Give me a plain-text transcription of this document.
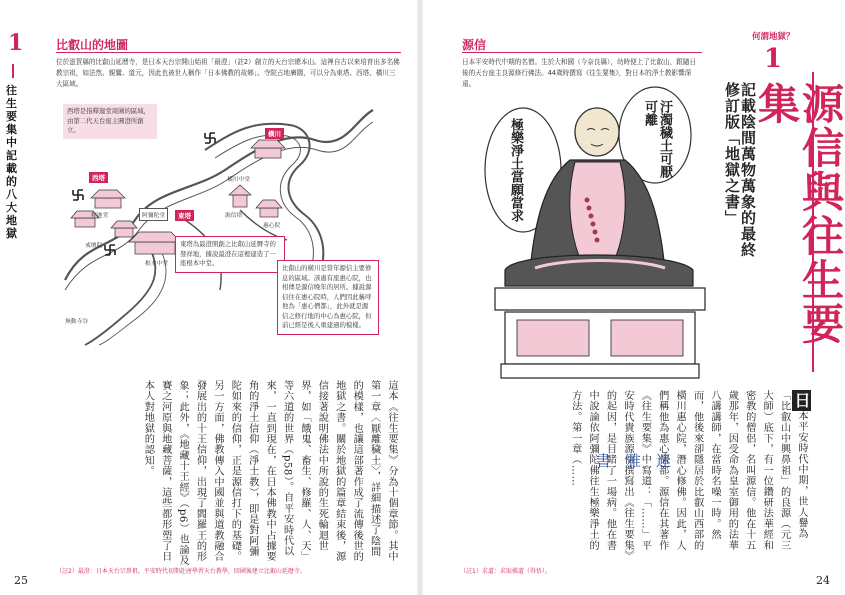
1
往生要集中記載的八大地獄
比叡山的地圖
位於滋賀縣的比叡山延曆寺，是日本天台宗開山始祖「最澄」（註2）創立的天台宗總本山。這裡自古以來培育出多名佛教宗祖，如法然、親鸞、道元，因此也被世人稱作「日本佛教的故鄉」。寺院占地廣闊，可以分為東塔、西塔、橫川三大區域。
西塔是指釋迦堂周圍的區域，由第二代天台座主圓澄所創立。
西塔
釋迦堂	阿彌陀堂
戒壇院
根本中堂
東塔
東塔為最澄開創之比叡山延曆寺的發祥地，據說最澄在這裡建造了一座根本中堂。
橫川
橫川中堂
源信塔
惠心院
無動寺谷
比叡山的橫川是當年源信主要修息的區域。該處有座惠心院，也相傳是源信晚年的居所。據說源信住在惠心院時，人們因此稱呼他為「惠心僧都」，此外就是源信之修行地的中心為惠心院，但前已經是後人重建過的模樣。
這本《往生要集》分為十個章節。其中第一章〈厭離穢土〉，詳細描述了陰間的模樣，也讓這部著作成了流傳後世的地獄之書。關於地獄的篇章結束後，源信接著說明佛法中所說的生死輪迴世界，如「餓鬼、畜生、修羅、人、天」等六道的世界（p58）。自平安時代以來，一直到現在，在日本佛教中占據要角的淨土信仰（淨土教），即是對阿彌陀如來的信仰，正是源信打下的基礎。另一方面，佛教傳入中國並與道教融合發展出的十王信仰，出現了閻羅王的形象；此外，《地藏十王經》（p6）也論及賽之河原與地藏菩薩，這些都形塑了日本人對地獄的認知。
（註2）最澄：日本天台宗鼻祖。平安時代初期赴唐學習天台教學，回國後建立比叡山延曆寺。
25
源信
日本平安時代中期的名僧。生於大和國（今奈良縣），幼時便上了比叡山，跟隨日後的天台座主良源修行佛法。44歲時撰寫《往生要集》，對日本的淨土教影響深遠。
極樂淨土當願當求	汙濁穢土可厭可離
何謂地獄？
1
源信與往生要集
記載陰間萬物萬象的最終修訂版「地獄之書」
日本平安時代中期，世人譽為「比叡山中興鼻祖」的良源（元三大師）底下，有一位鑽研法華經和密教的僧侶，名叫源信。他在十五歲那年，因受命為皇室御用的法華八講講師，在當時名噪一時。然而，他後來卻隱居於比叡山西部的橫川惠心院，潛心修佛。因此，人們稱他為惠心僧都。源信在其著作《往生要集》中寫道：「……」平安時代貴族源信撰寫出《往生要集》的起因，是目睹了一場病。他在書中說論依阿彌陀佛往生極樂淨土的方法。第一章（……	書　雅　迷
（註1）求道：求取佛道（得悟）。
24
